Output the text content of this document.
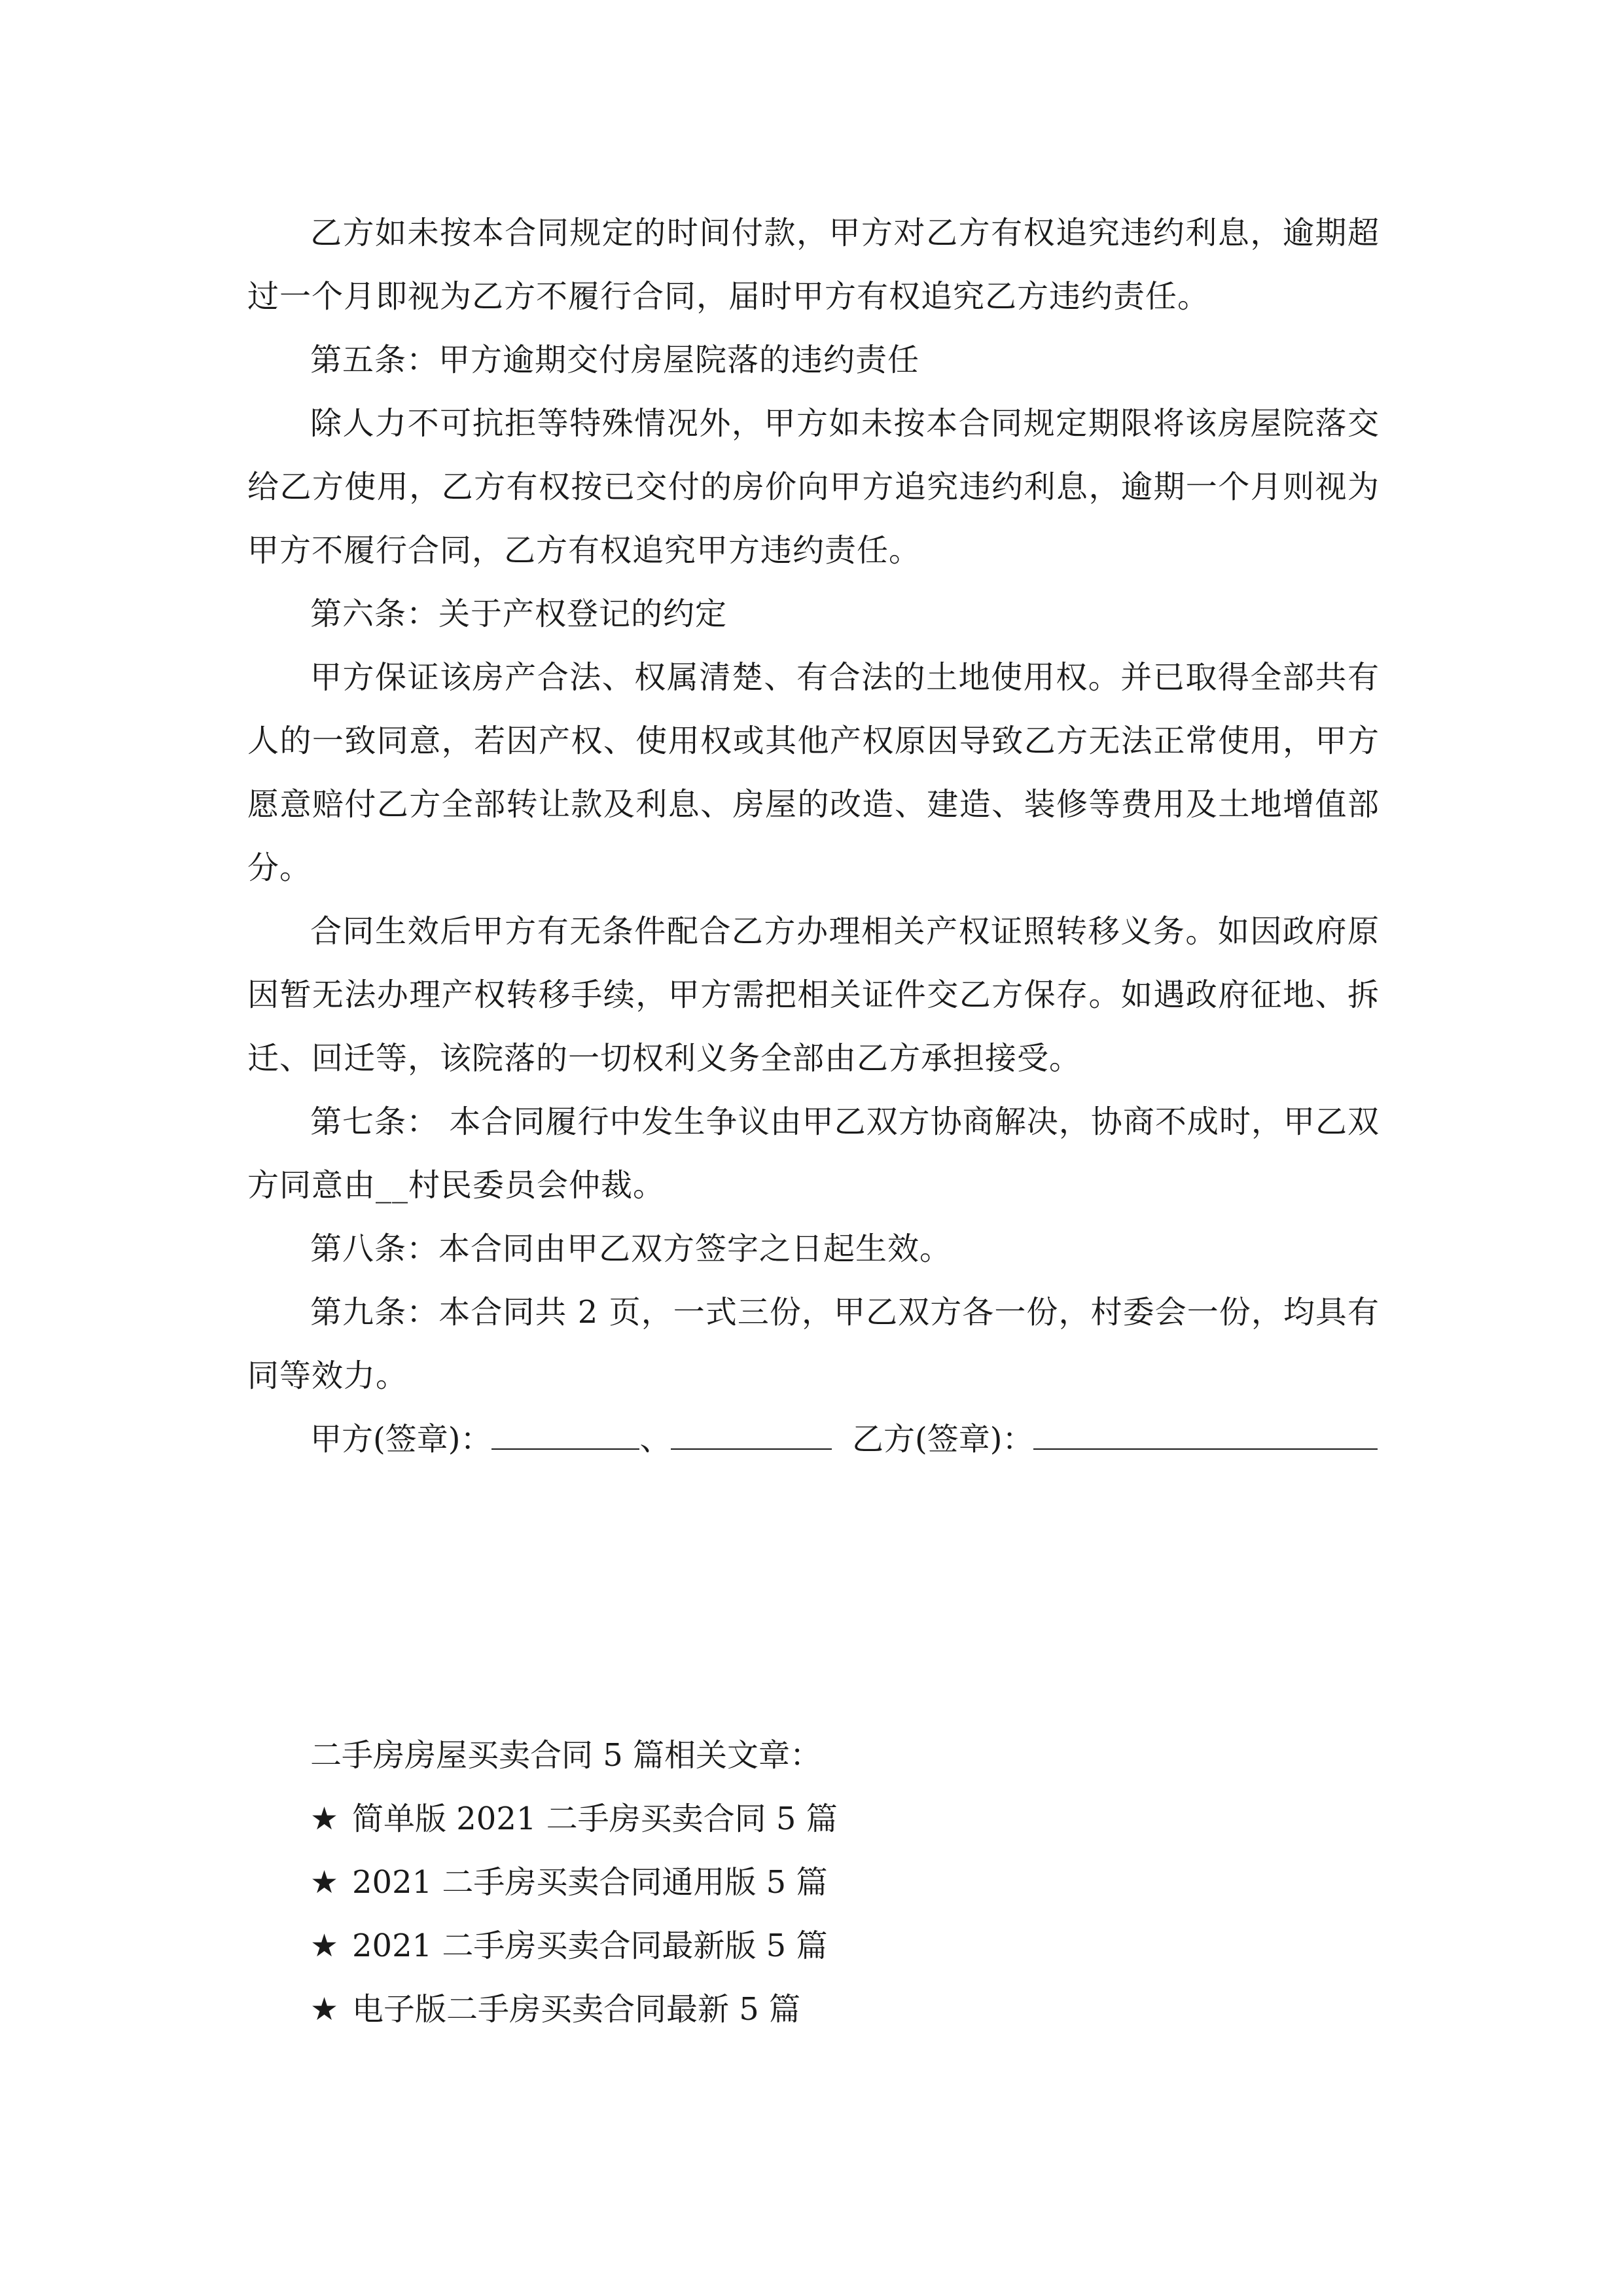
乙方如未按本合同规定的时间付款，甲方对乙方有权追究违约利息，逾期超过一个月即视为乙方不履行合同，届时甲方有权追究乙方违约责任。

第五条：甲方逾期交付房屋院落的违约责任

除人力不可抗拒等特殊情况外，甲方如未按本合同规定期限将该房屋院落交给乙方使用，乙方有权按已交付的房价向甲方追究违约利息，逾期一个月则视为甲方不履行合同，乙方有权追究甲方违约责任。

第六条：关于产权登记的约定

甲方保证该房产合法、权属清楚、有合法的土地使用权。并已取得全部共有人的一致同意，若因产权、使用权或其他产权原因导致乙方无法正常使用，甲方愿意赔付乙方全部转让款及利息、房屋的改造、建造、装修等费用及土地增值部分。

合同生效后甲方有无条件配合乙方办理相关产权证照转移义务。如因政府原因暂无法办理产权转移手续，甲方需把相关证件交乙方保存。如遇政府征地、拆迁、回迁等，该院落的一切权利义务全部由乙方承担接受。

第七条： 本合同履行中发生争议由甲乙双方协商解决，协商不成时，甲乙双方同意由__村民委员会仲裁。

第八条：本合同由甲乙双方签字之日起生效。

第九条：本合同共 2 页，一式三份，甲乙双方各一份，村委会一份，均具有同等效力。

甲方(签章)：	、	乙方(签章)：

二手房房屋买卖合同 5 篇相关文章：

★ 简单版 2021 二手房买卖合同 5 篇

★ 2021 二手房买卖合同通用版 5 篇

★ 2021 二手房买卖合同最新版 5 篇

★ 电子版二手房买卖合同最新 5 篇
